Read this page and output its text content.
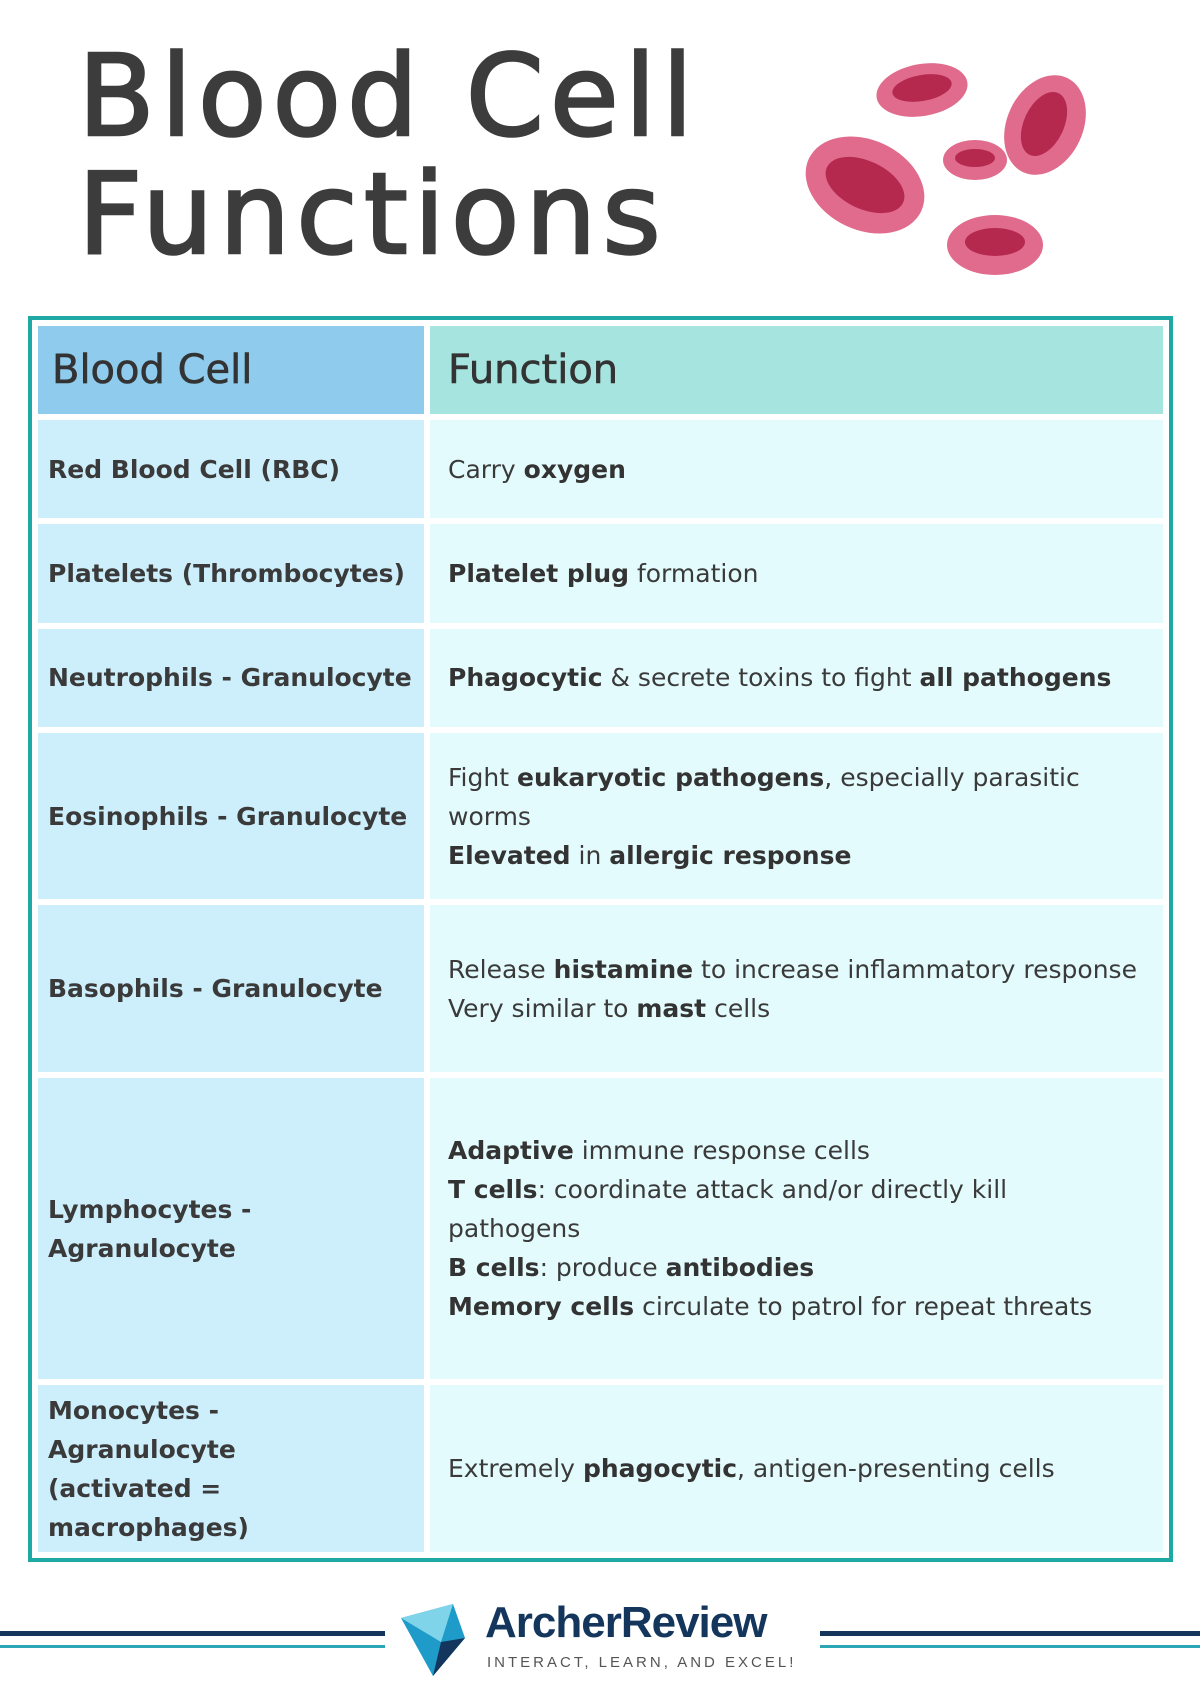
Blood Cell
Functions
Blood Cell	Function

Red Blood Cell (RBC)	Carry oxygen

Platelets (Thrombocytes)	Platelet plug formation

Neutrophils - Granulocyte	Phagocytic & secrete toxins to fight all pathogens

Eosinophils - Granulocyte	Fight eukaryotic pathogens, especially parasitic worms
Elevated in allergic response

Basophils - Granulocyte	Release histamine to increase inflammatory response
Very similar to mast cells

Lymphocytes - Agranulocyte	Adaptive immune response cells
T cells: coordinate attack and/or directly kill pathogens
B cells: produce antibodies
Memory cells circulate to patrol for repeat threats

Monocytes - Agranulocyte
(activated = macrophages)	Extremely phagocytic, antigen-presenting cells
ArcherReview
INTERACT, LEARN, AND EXCEL!
